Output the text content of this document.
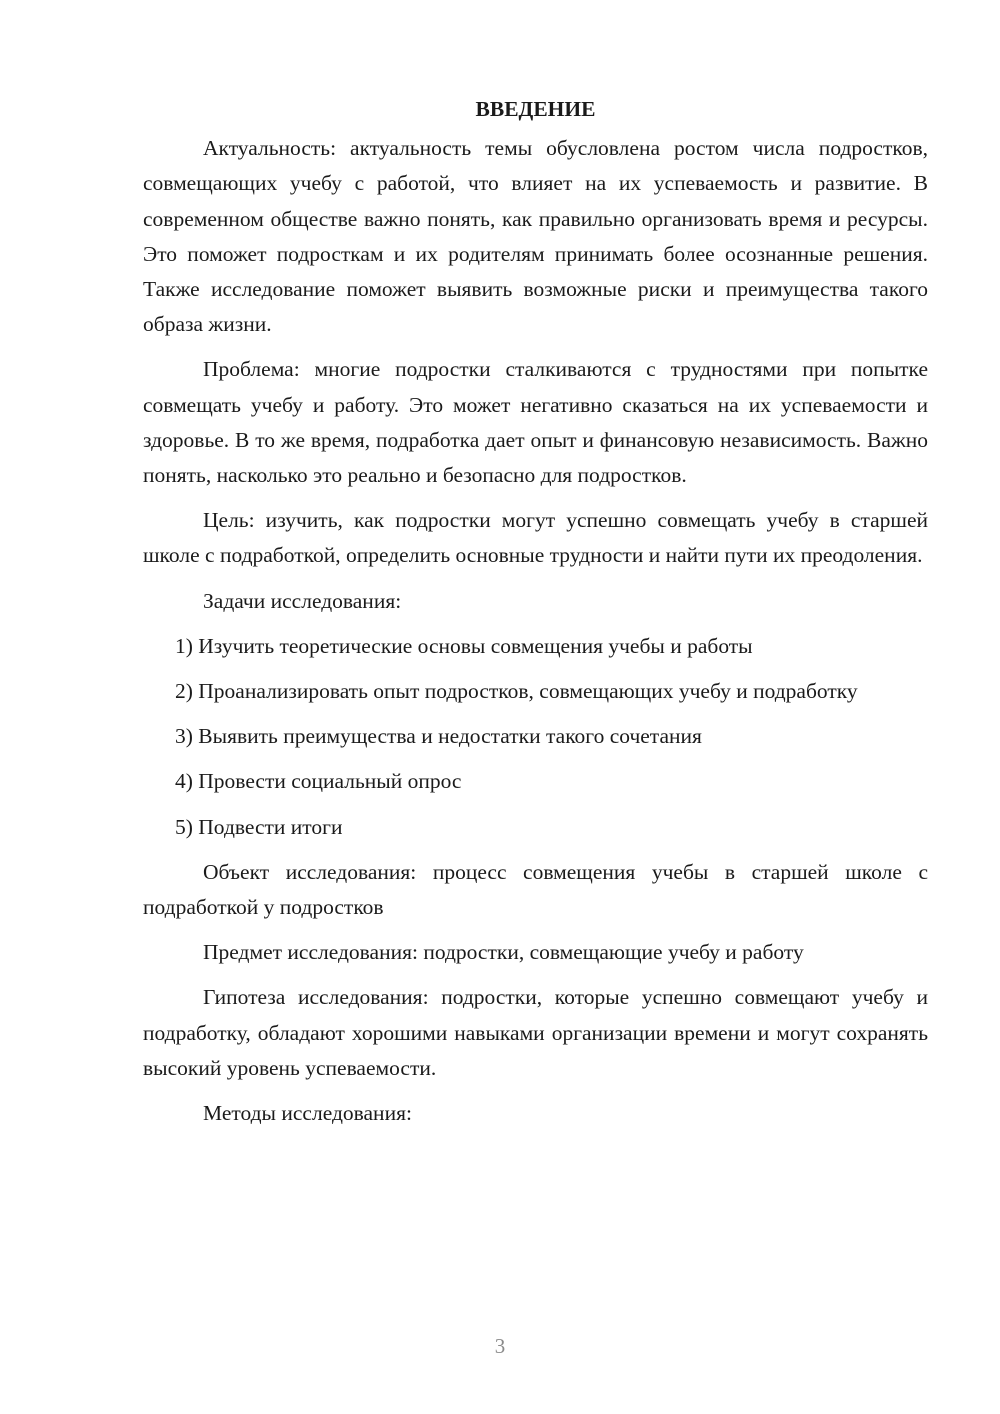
ВВЕДЕНИЕ

Актуальность: актуальность темы обусловлена ростом числа подростков, совмещающих учебу с работой, что влияет на их успеваемость и развитие. В современном обществе важно понять, как правильно организовать время и ресурсы. Это поможет подросткам и их родителям принимать более осознанные решения. Также исследование поможет выявить возможные риски и преимущества такого образа жизни.

Проблема: многие подростки сталкиваются с трудностями при попытке совмещать учебу и работу. Это может негативно сказаться на их успеваемости и здоровье. В то же время, подработка дает опыт и финансовую независимость. Важно понять, насколько это реально и безопасно для подростков.

Цель: изучить, как подростки могут успешно совмещать учебу в старшей школе с подработкой, определить основные трудности и найти пути их преодоления.

Задачи исследования:

1) Изучить теоретические основы совмещения учебы и работы

2) Проанализировать опыт подростков, совмещающих учебу и подработку

3) Выявить преимущества и недостатки такого сочетания

4) Провести социальный опрос

5) Подвести итоги

Объект исследования: процесс совмещения учебы в старшей школе с подработкой у подростков

Предмет исследования: подростки, совмещающие учебу и работу

Гипотеза исследования: подростки, которые успешно совмещают учебу и подработку, обладают хорошими навыками организации времени и могут сохранять высокий уровень успеваемости.

Методы исследования:

3
